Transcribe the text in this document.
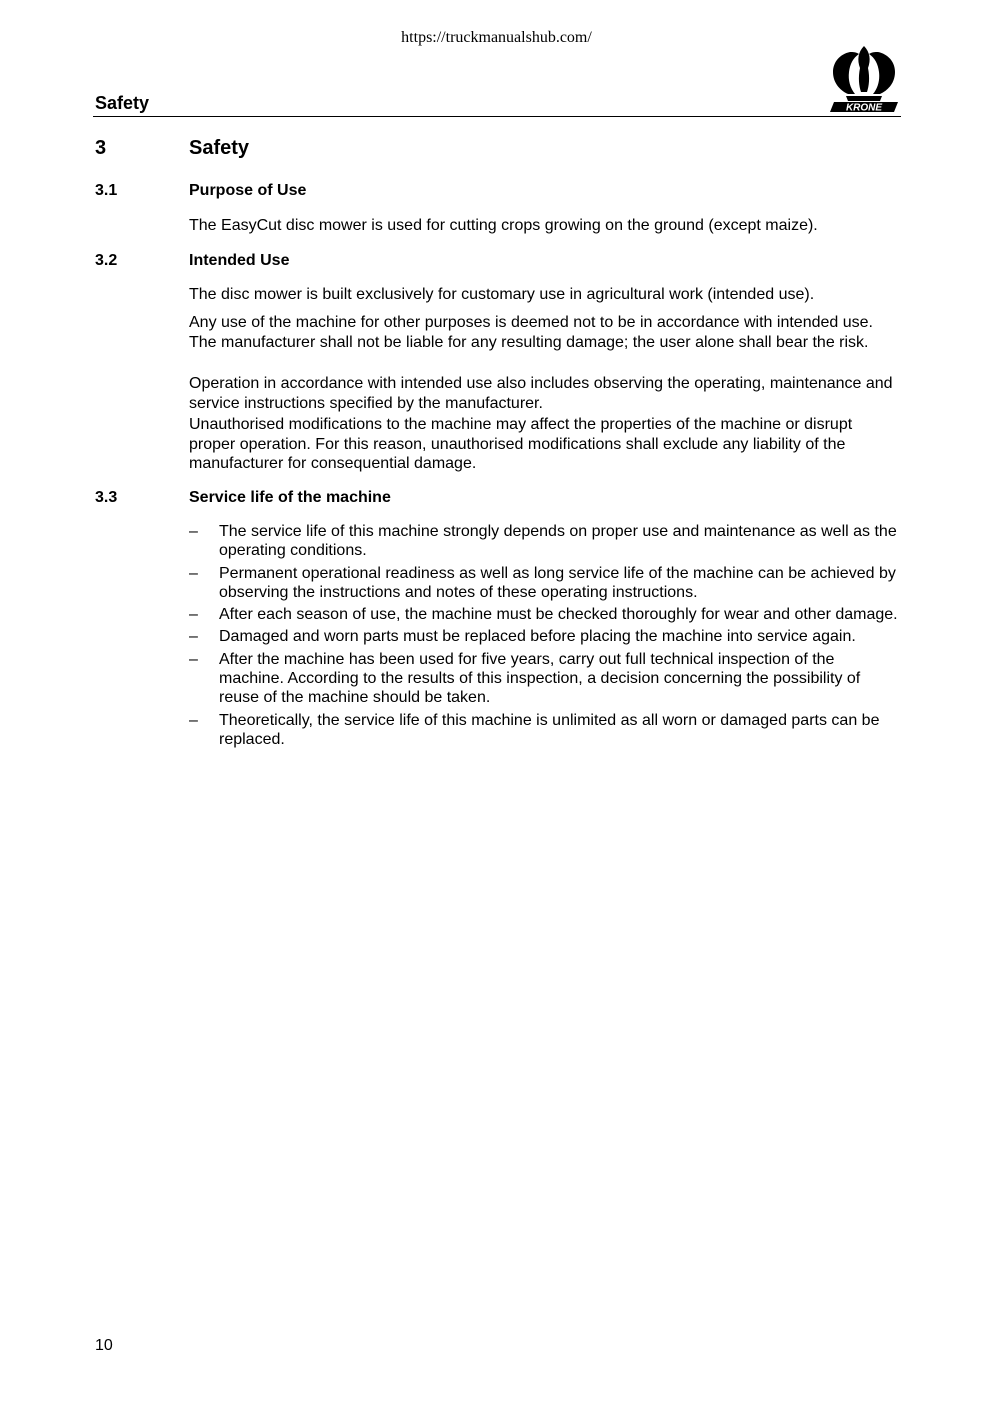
https://truckmanualshub.com/
Safety	KRONE
3	Safety
3.1	Purpose of Use

The EasyCut disc mower is used for cutting crops growing on the ground (except maize).

3.2	Intended Use

The disc mower is built exclusively for customary use in agricultural work (intended use).

Any use of the machine for other purposes is deemed not to be in accordance with intended use. The manufacturer shall not be liable for any resulting damage; the user alone shall bear the risk.

Operation in accordance with intended use also includes observing the operating, maintenance and service instructions specified by the manufacturer.

Unauthorised modifications to the machine may affect the properties of the machine or disrupt proper operation. For this reason, unauthorised modifications shall exclude any liability of the manufacturer for consequential damage.

3.3	Service life of the machine
– The service life of this machine strongly depends on proper use and maintenance as well as the operating conditions.
– Permanent operational readiness as well as long service life of the machine can be achieved by observing the instructions and notes of these operating instructions.
– After each season of use, the machine must be checked thoroughly for wear and other damage.
– Damaged and worn parts must be replaced before placing the machine into service again.
– After the machine has been used for five years, carry out full technical inspection of the machine. According to the results of this inspection, a decision concerning the possibility of reuse of the machine should be taken.
– Theoretically, the service life of this machine is unlimited as all worn or damaged parts can be replaced.
10
